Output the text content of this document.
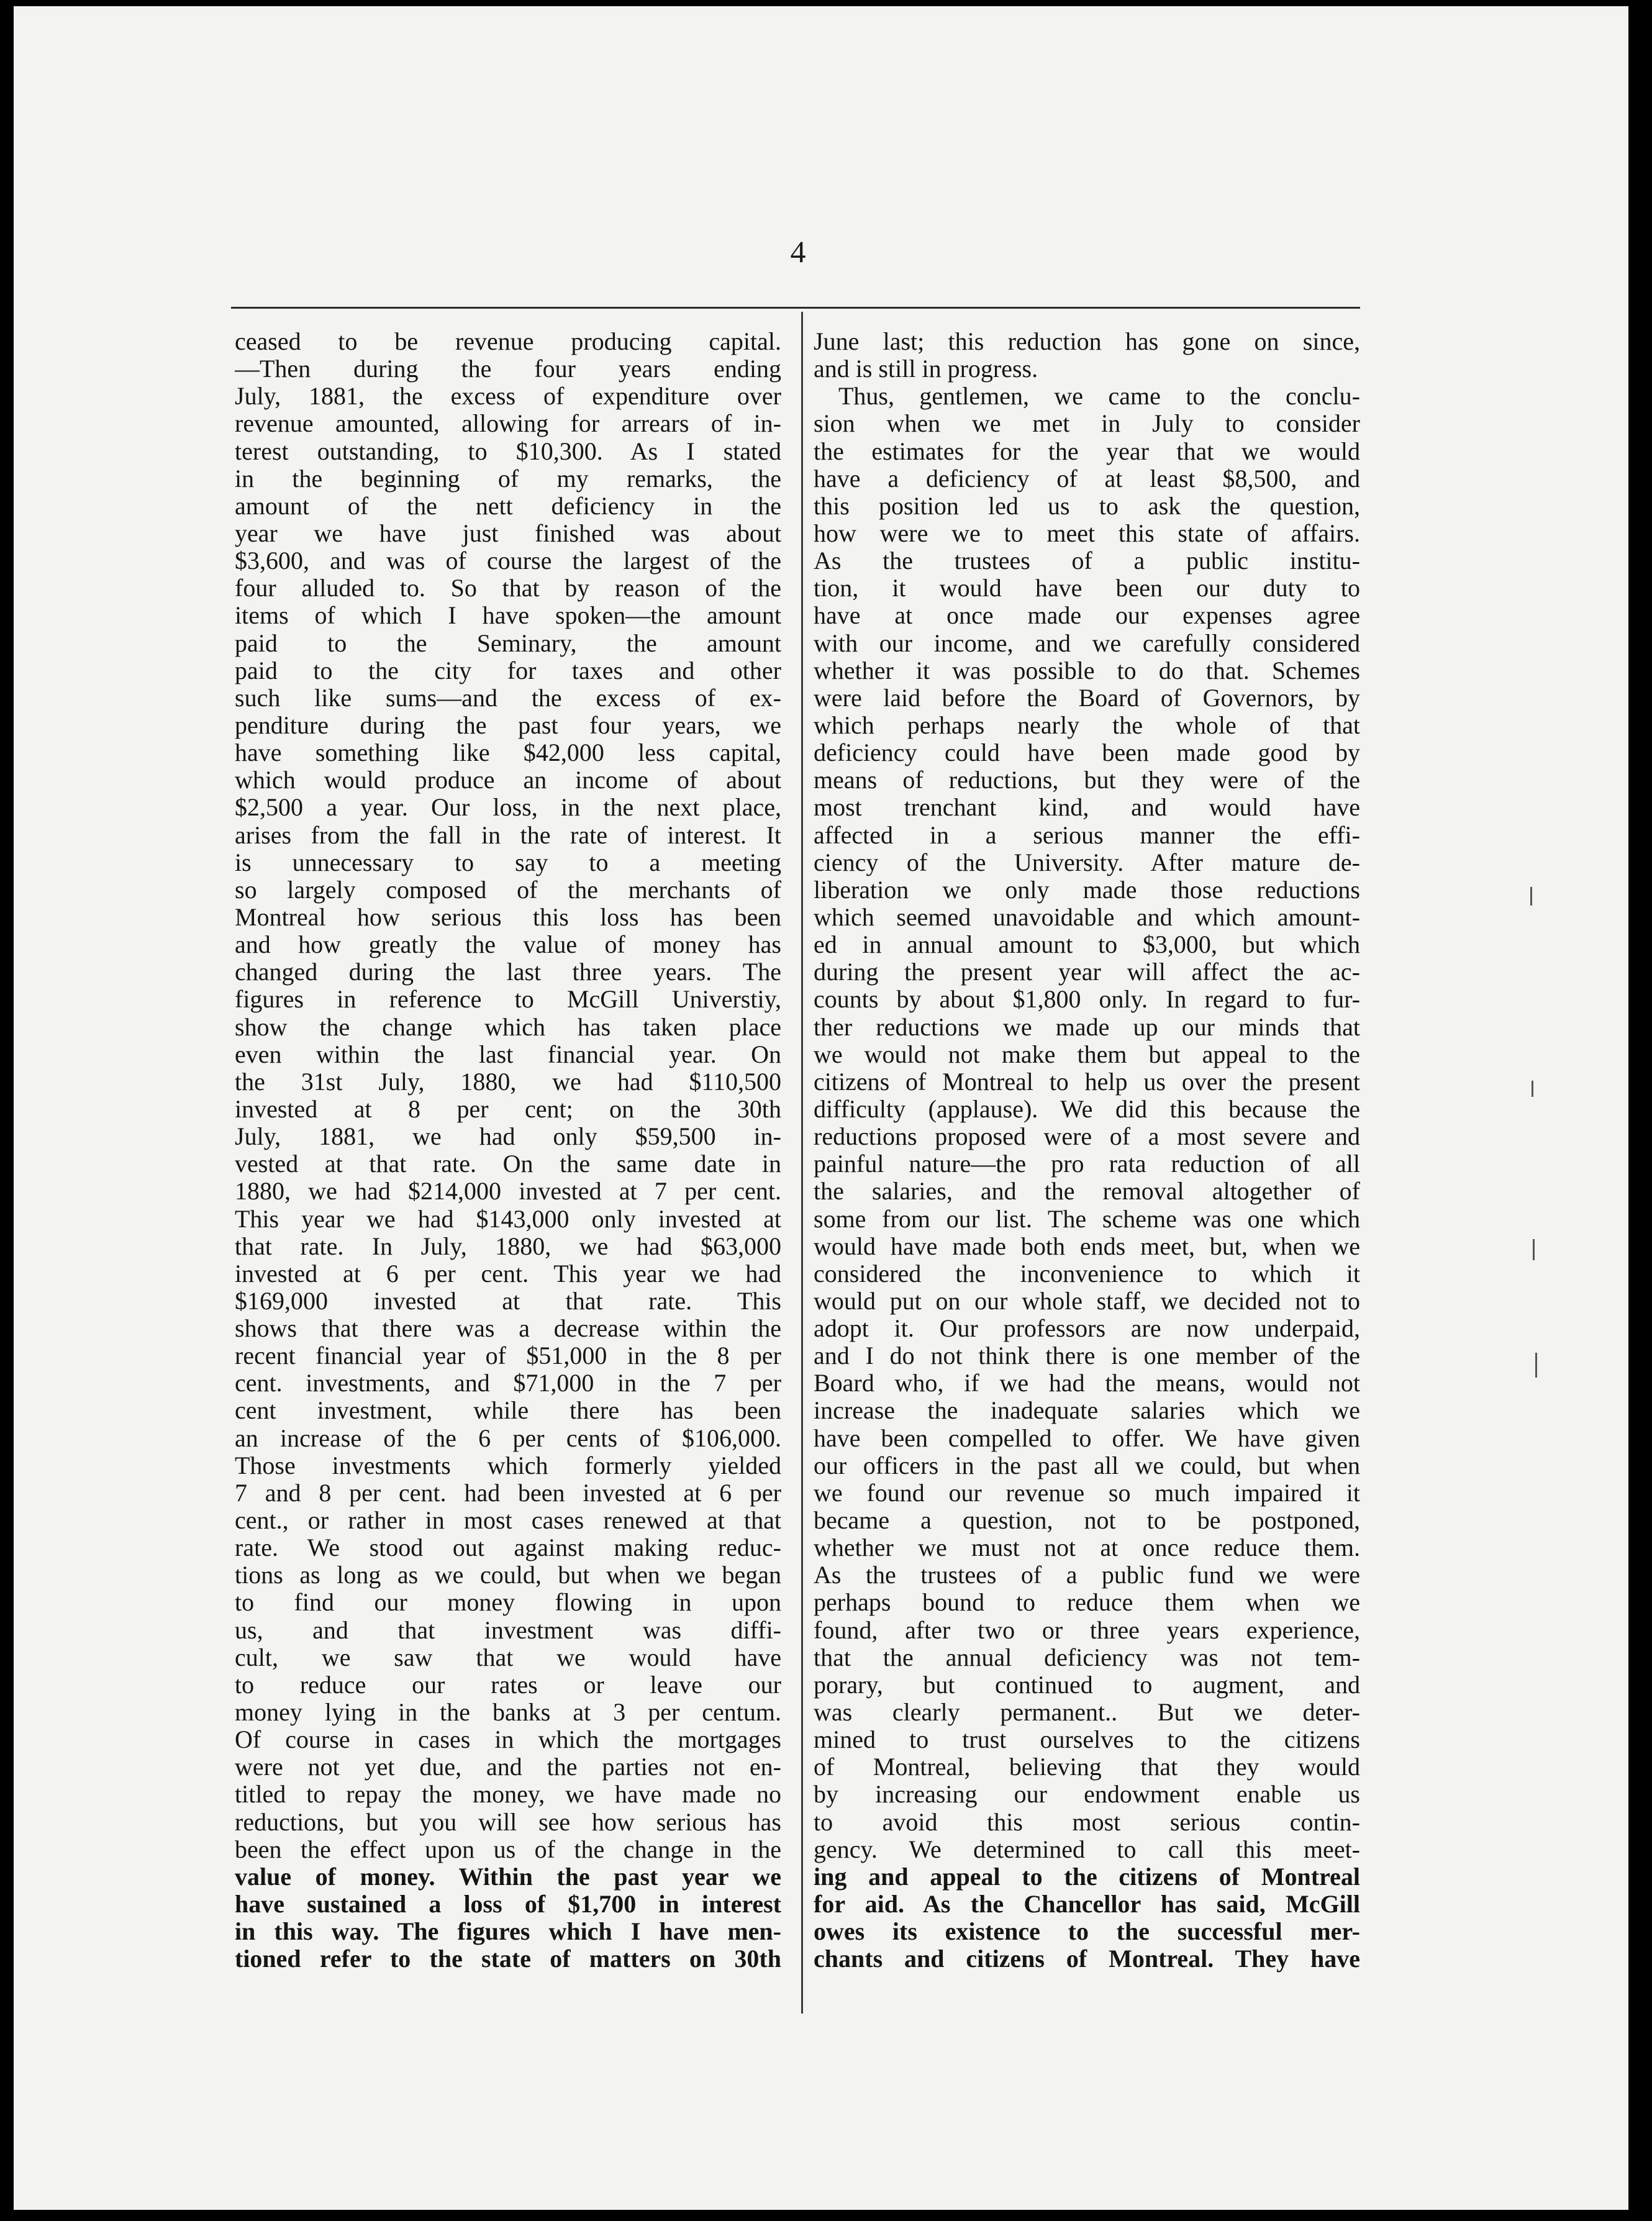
4
ceased to be revenue producing capital.
—Then during the four years ending
July, 1881, the excess of expenditure over
revenue amounted, allowing for arrears of in-
terest outstanding, to $10,300. As I stated
in the beginning of my remarks, the
amount of the nett deficiency in the
year we have just finished was about
$3,600, and was of course the largest of the
four alluded to. So that by reason of the
items of which I have spoken—the amount
paid to the Seminary, the amount
paid to the city for taxes and other
such like sums—and the excess of ex-
penditure during the past four years, we
have something like $42,000 less capital,
which would produce an income of about
$2,500 a year. Our loss, in the next place,
arises from the fall in the rate of interest. It
is unnecessary to say to a meeting
so largely composed of the merchants of
Montreal how serious this loss has been
and how greatly the value of money has
changed during the last three years. The
figures in reference to McGill Universtiy,
show the change which has taken place
even within the last financial year. On
the 31st July, 1880, we had $110,500
invested at 8 per cent; on the 30th
July, 1881, we had only $59,500 in-
vested at that rate. On the same date in
1880, we had $214,000 invested at 7 per cent.
This year we had $143,000 only invested at
that rate. In July, 1880, we had $63,000
invested at 6 per cent. This year we had
$169,000 invested at that rate. This
shows that there was a decrease within the
recent financial year of $51,000 in the 8 per
cent. investments, and $71,000 in the 7 per
cent investment, while there has been
an increase of the 6 per cents of $106,000.
Those investments which formerly yielded
7 and 8 per cent. had been invested at 6 per
cent., or rather in most cases renewed at that
rate. We stood out against making reduc-
tions as long as we could, but when we began
to find our money flowing in upon
us, and that investment was diffi-
cult, we saw that we would have
to reduce our rates or leave our
money lying in the banks at 3 per centum.
Of course in cases in which the mortgages
were not yet due, and the parties not en-
titled to repay the money, we have made no
reductions, but you will see how serious has
been the effect upon us of the change in the
value of money. Within the past year we
have sustained a loss of $1,700 in interest
in this way. The figures which I have men-
tioned refer to the state of matters on 30th
June last; this reduction has gone on since,
and is still in progress.
Thus, gentlemen, we came to the conclu-
sion when we met in July to consider
the estimates for the year that we would
have a deficiency of at least $8,500, and
this position led us to ask the question,
how were we to meet this state of affairs.
As the trustees of a public institu-
tion, it would have been our duty to
have at once made our expenses agree
with our income, and we carefully considered
whether it was possible to do that. Schemes
were laid before the Board of Governors, by
which perhaps nearly the whole of that
deficiency could have been made good by
means of reductions, but they were of the
most trenchant kind, and would have
affected in a serious manner the effi-
ciency of the University. After mature de-
liberation we only made those reductions
which seemed unavoidable and which amount-
ed in annual amount to $3,000, but which
during the present year will affect the ac-
counts by about $1,800 only. In regard to fur-
ther reductions we made up our minds that
we would not make them but appeal to the
citizens of Montreal to help us over the present
difficulty (applause). We did this because the
reductions proposed were of a most severe and
painful nature—the pro rata reduction of all
the salaries, and the removal altogether of
some from our list. The scheme was one which
would have made both ends meet, but, when we
considered the inconvenience to which it
would put on our whole staff, we decided not to
adopt it. Our professors are now underpaid,
and I do not think there is one member of the
Board who, if we had the means, would not
increase the inadequate salaries which we
have been compelled to offer. We have given
our officers in the past all we could, but when
we found our revenue so much impaired it
became a question, not to be postponed,
whether we must not at once reduce them.
As the trustees of a public fund we were
perhaps bound to reduce them when we
found, after two or three years experience,
that the annual deficiency was not tem-
porary, but continued to augment, and
was clearly permanent.. But we deter-
mined to trust ourselves to the citizens
of Montreal, believing that they would
by increasing our endowment enable us
to avoid this most serious contin-
gency. We determined to call this meet-
ing and appeal to the citizens of Montreal
for aid. As the Chancellor has said, McGill
owes its existence to the successful mer-
chants and citizens of Montreal. They have
